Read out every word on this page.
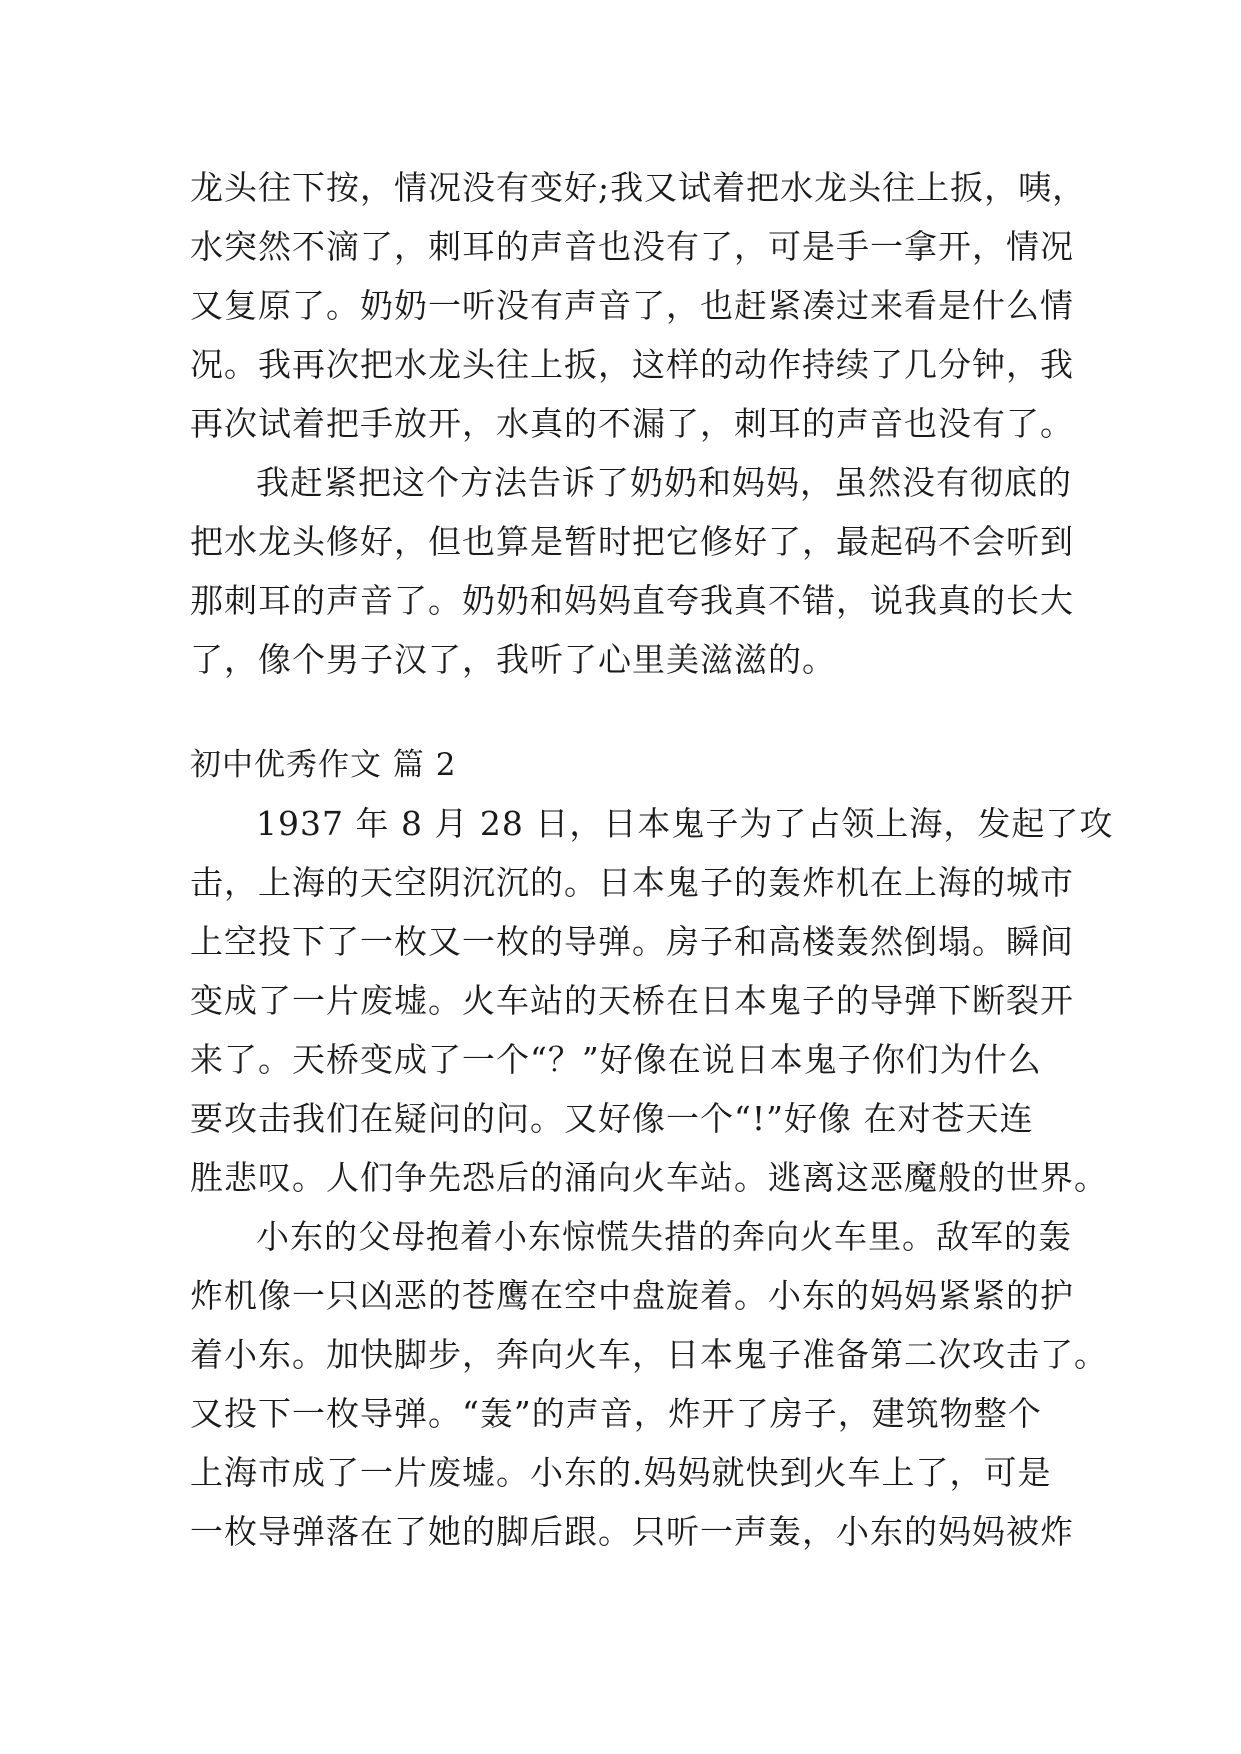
龙头往下按，情况没有变好;我又试着把水龙头往上扳，咦，
水突然不滴了，刺耳的声音也没有了，可是手一拿开，情况
又复原了。奶奶一听没有声音了，也赶紧凑过来看是什么情
况。我再次把水龙头往上扳，这样的动作持续了几分钟，我
再次试着把手放开，水真的不漏了，刺耳的声音也没有了。
我赶紧把这个方法告诉了奶奶和妈妈，虽然没有彻底的
把水龙头修好，但也算是暂时把它修好了，最起码不会听到
那刺耳的声音了。奶奶和妈妈直夸我真不错，说我真的长大
了，像个男子汉了，我听了心里美滋滋的。
初中优秀作文 篇 2
1937 年 8 月 28 日，日本鬼子为了占领上海，发起了攻
击，上海的天空阴沉沉的。日本鬼子的轰炸机在上海的城市
上空投下了一枚又一枚的导弹。房子和高楼轰然倒塌。瞬间
变成了一片废墟。火车站的天桥在日本鬼子的导弹下断裂开
来了。天桥变成了一个“？”好像在说日本鬼子你们为什么
要攻击我们在疑问的问。又好像一个“!”好像 在对苍天连
胜悲叹。人们争先恐后的涌向火车站。逃离这恶魔般的世界。
小东的父母抱着小东惊慌失措的奔向火车里。敌军的轰
炸机像一只凶恶的苍鹰在空中盘旋着。小东的妈妈紧紧的护
着小东。加快脚步，奔向火车，日本鬼子准备第二次攻击了。
又投下一枚导弹。“轰”的声音，炸开了房子，建筑物整个
上海市成了一片废墟。小东的.妈妈就快到火车上了，可是
一枚导弹落在了她的脚后跟。只听一声轰，小东的妈妈被炸
